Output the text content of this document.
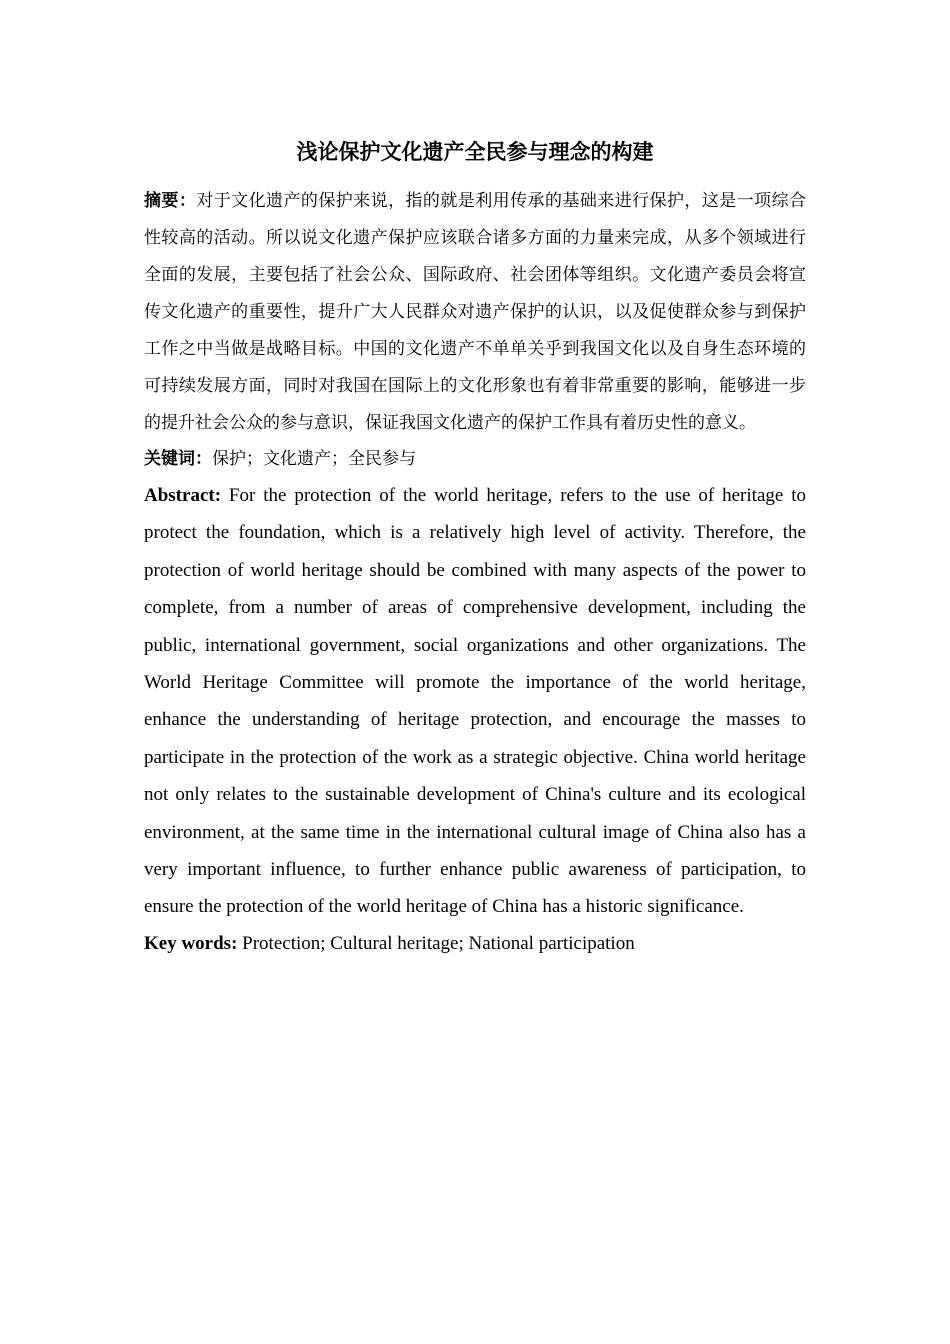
浅论保护文化遗产全民参与理念的构建

摘要：对于文化遗产的保护来说，指的就是利用传承的基础来进行保护，这是一项综合性较高的活动。所以说文化遗产保护应该联合诸多方面的力量来完成，从多个领域进行全面的发展，主要包括了社会公众、国际政府、社会团体等组织。文化遗产委员会将宣传文化遗产的重要性，提升广大人民群众对遗产保护的认识，以及促使群众参与到保护工作之中当做是战略目标。中国的文化遗产不单单关乎到我国文化以及自身生态环境的可持续发展方面，同时对我国在国际上的文化形象也有着非常重要的影响，能够进一步的提升社会公众的参与意识，保证我国文化遗产的保护工作具有着历史性的意义。

关键词：保护；文化遗产；全民参与

Abstract: For the protection of the world heritage, refers to the use of heritage to protect the foundation, which is a relatively high level of activity. Therefore, the protection of world heritage should be combined with many aspects of the power to complete, from a number of areas of comprehensive development, including the public, international government, social organizations and other organizations. The World Heritage Committee will promote the importance of the world heritage, enhance the understanding of heritage protection, and encourage the masses to participate in the protection of the work as a strategic objective. China world heritage not only relates to the sustainable development of China's culture and its ecological environment, at the same time in the international cultural image of China also has a very important influence, to further enhance public awareness of participation, to ensure the protection of the world heritage of China has a historic significance.

Key words: Protection; Cultural heritage; National participation
